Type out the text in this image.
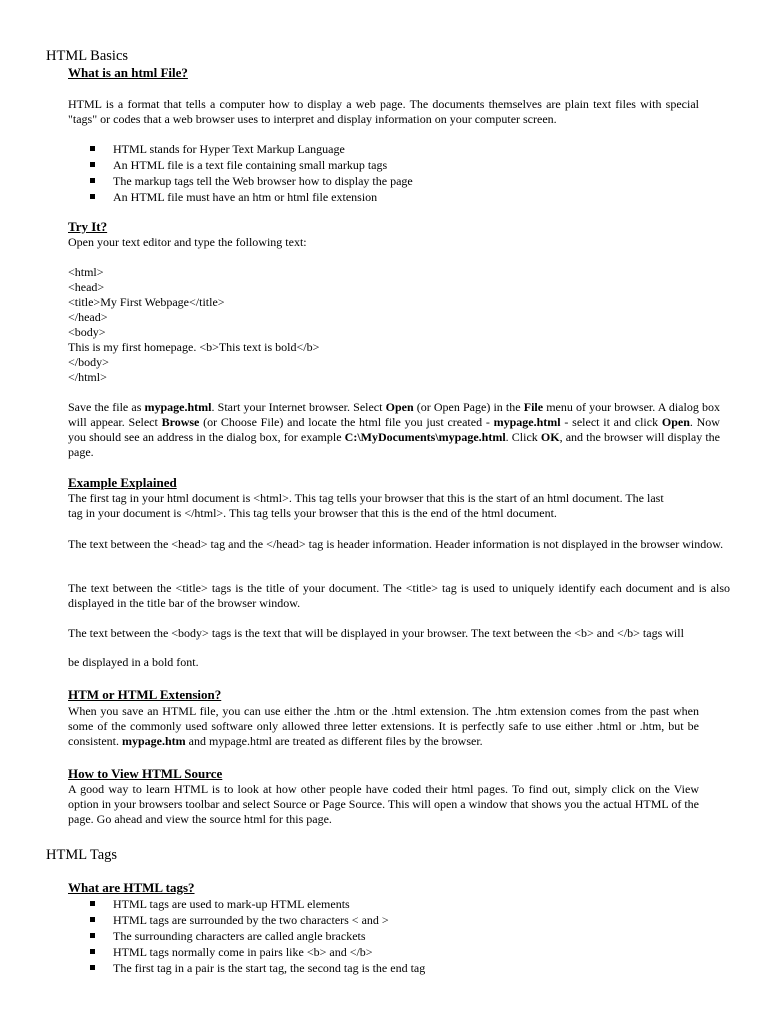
HTML Basics
What is an html File?
HTML is a format that tells a computer how to display a web page. The documents themselves are plain text files with special "tags" or codes that a web browser uses to interpret and display information on your computer screen.
HTML stands for Hyper Text Markup Language
An HTML file is a text file containing small markup tags
The markup tags tell the Web browser how to display the page
An HTML file must have an htm or html file extension
Try It?
Open your text editor and type the following text:
<html>
<head>
<title>My First Webpage</title>
</head>
<body>
This is my first homepage. <b>This text is bold</b>
</body>
</html>
Save the file as mypage.html. Start your Internet browser. Select Open (or Open Page) in the File menu of your browser. A dialog box will appear. Select Browse (or Choose File) and locate the html file you just created - mypage.html - select it and click Open. Now you should see an address in the dialog box, for example C:\MyDocuments\mypage.html. Click OK, and the browser will display the page.
Example Explained
The first tag in your html document is <html>. This tag tells your browser that this is the start of an html document. The last
tag in your document is </html>. This tag tells your browser that this is the end of the html document.
The text between the <head> tag and the </head> tag is header information. Header information is not displayed in the browser window.
The text between the <title> tags is the title of your document. The <title> tag is used to uniquely identify each document and is also displayed in the title bar of the browser window.
The text between the <body> tags is the text that will be displayed in your browser. The text between the <b> and </b> tags will
be displayed in a bold font.
HTM or HTML Extension?
When you save an HTML file, you can use either the .htm or the .html extension. The .htm extension comes from the past when some of the commonly used software only allowed three letter extensions. It is perfectly safe to use either .html or .htm, but be consistent. mypage.htm and mypage.html are treated as different files by the browser.
How to View HTML Source
A good way to learn HTML is to look at how other people have coded their html pages. To find out, simply click on the View option in your browsers toolbar and select Source or Page Source. This will open a window that shows you the actual HTML of the page. Go ahead and view the source html for this page.
HTML Tags
What are HTML tags?
HTML tags are used to mark-up HTML elements
HTML tags are surrounded by the two characters < and >
The surrounding characters are called angle brackets
HTML tags normally come in pairs like <b> and </b>
The first tag in a pair is the start tag, the second tag is the end tag
